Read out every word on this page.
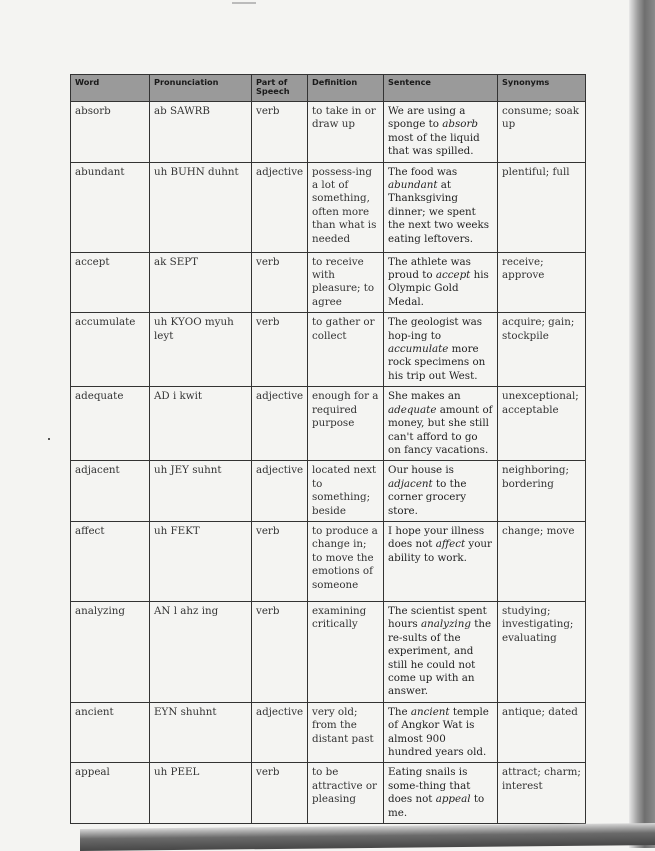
Word	Pronunciation	Part of Speech	Definition	Sentence	Synonyms
absorb	ab SAWRB	verb	to take in or draw up	We are using a sponge to absorb most of the liquid that was spilled.	consume; soak up
abundant	uh BUHN duhnt	adjective	possess-ing a lot of something, often more than what is needed	The food was abundant at Thanksgiving dinner; we spent the next two weeks eating leftovers.	plentiful; full
accept	ak SEPT	verb	to receive with pleasure; to agree	The athlete was proud to accept his Olympic Gold Medal.	receive; approve
accumulate	uh KYOO myuh leyt	verb	to gather or collect	The geologist was hop-ing to accumulate more rock specimens on his trip out West.	acquire; gain; stockpile
adequate	AD i kwit	adjective	enough for a required purpose	She makes an adequate amount of money, but she still can't afford to go on fancy vacations.	unexceptional; acceptable
adjacent	uh JEY suhnt	adjective	located next to something; beside	Our house is adjacent to the corner grocery store.	neighboring; bordering
affect	uh FEKT	verb	to produce a change in; to move the emotions of someone	I hope your illness does not affect your ability to work.	change; move
analyzing	AN l ahz ing	verb	examining critically	The scientist spent hours analyzing the re-sults of the experiment, and still he could not come up with an answer.	studying; investigating; evaluating
ancient	EYN shuhnt	adjective	very old; from the distant past	The ancient temple of Angkor Wat is almost 900 hundred years old.	antique; dated
appeal	uh PEEL	verb	to be attractive or pleasing	Eating snails is some-thing that does not appeal to me.	attract; charm; interest
